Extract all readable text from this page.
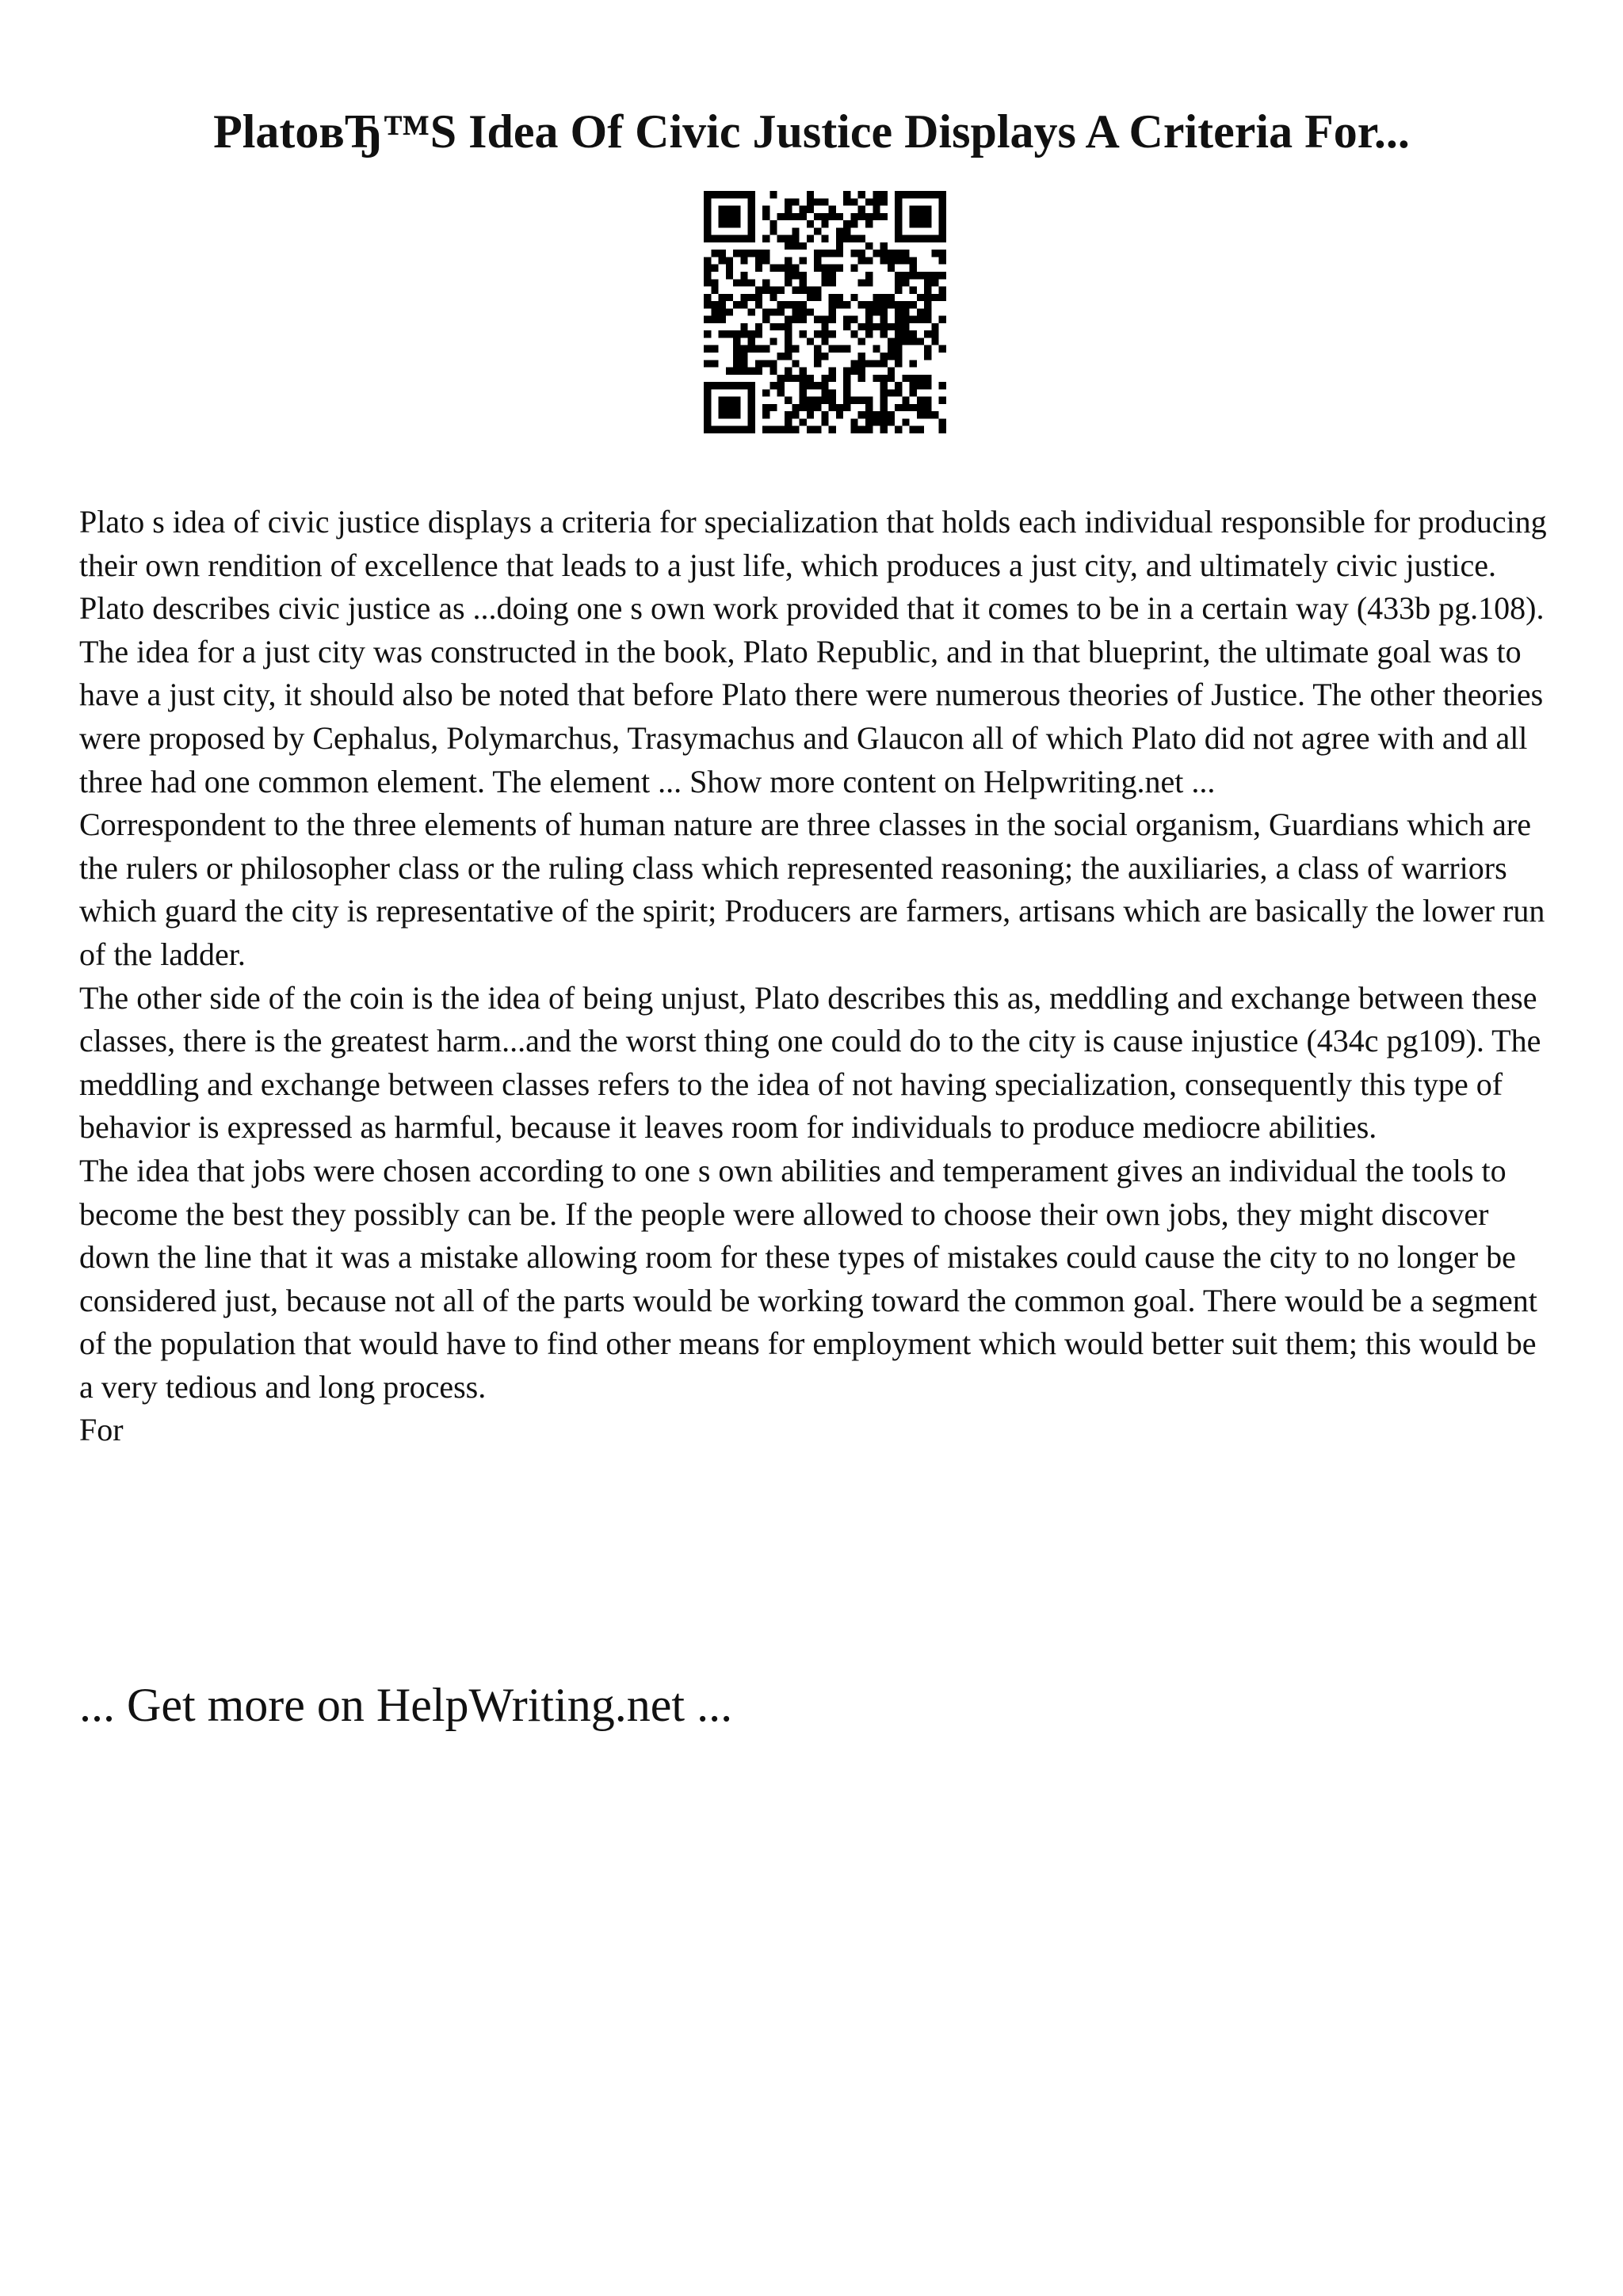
PlatoвЂ™S Idea Of Civic Justice Displays A Criteria For...

Plato s idea of civic justice displays a criteria for specialization that holds each individual responsible for producing their own rendition of excellence that leads to a just life, which produces a just city, and ultimately civic justice. Plato describes civic justice as ...doing one s own work provided that it comes to be in a certain way (433b pg.108).

The idea for a just city was constructed in the book, Plato Republic, and in that blueprint, the ultimate goal was to have a just city, it should also be noted that before Plato there were numerous theories of Justice. The other theories were proposed by Cephalus, Polymarchus, Trasymachus and Glaucon all of which Plato did not agree with and all three had one common element. The element ... Show more content on Helpwriting.net ...

Correspondent to the three elements of human nature are three classes in the social organism, Guardians which are the rulers or philosopher class or the ruling class which represented reasoning; the auxiliaries, a class of warriors which guard the city is representative of the spirit; Producers are farmers, artisans which are basically the lower run of the ladder.

The other side of the coin is the idea of being unjust, Plato describes this as, meddling and exchange between these classes, there is the greatest harm...and the worst thing one could do to the city is cause injustice (434c pg109). The meddling and exchange between classes refers to the idea of not having specialization, consequently this type of behavior is expressed as harmful, because it leaves room for individuals to produce mediocre abilities.

The idea that jobs were chosen according to one s own abilities and temperament gives an individual the tools to become the best they possibly can be. If the people were allowed to choose their own jobs, they might discover down the line that it was a mistake allowing room for these types of mistakes could cause the city to no longer be considered just, because not all of the parts would be working toward the common goal. There would be a segment of the population that would have to find other means for employment which would better suit them; this would be a very tedious and long process.

For

... Get more on HelpWriting.net ...
